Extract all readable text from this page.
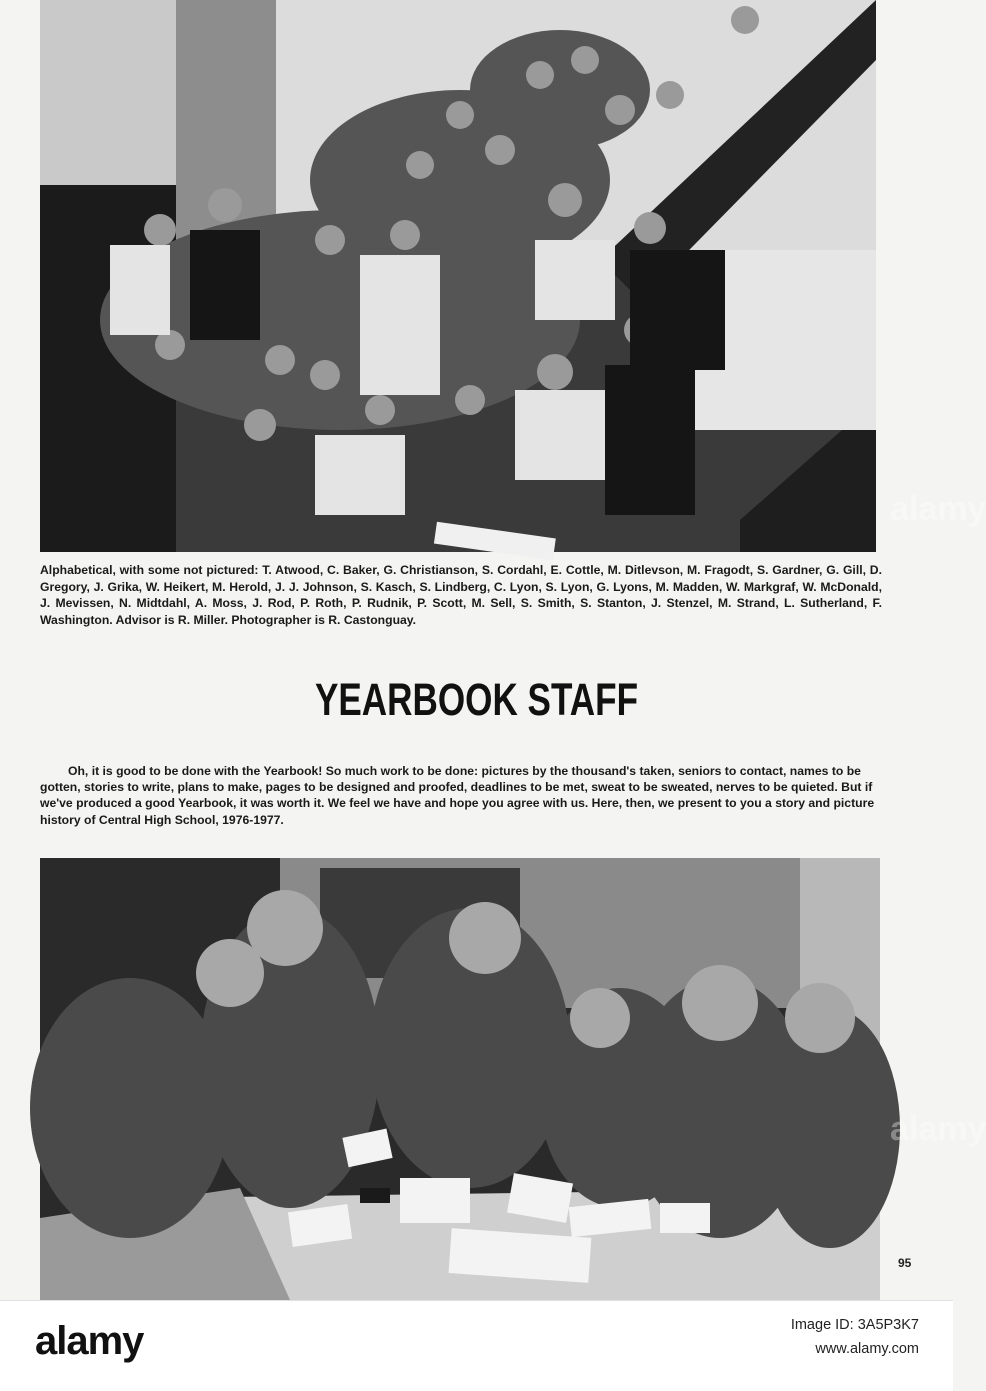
Alphabetical, with some not pictured: T. Atwood, C. Baker, G. Christianson, S. Cordahl, E. Cottle, M. Ditlevson, M. Fragodt, S. Gardner, G. Gill, D. Gregory, J. Grika, W. Heikert, M. Herold, J. J. Johnson, S. Kasch, S. Lindberg, C. Lyon, S. Lyon, G. Lyons, M. Madden, W. Markgraf, W. McDonald, J. Mevissen, N. Midtdahl, A. Moss, J. Rod, P. Roth, P. Rudnik, P. Scott, M. Sell, S. Smith, S. Stanton, J. Stenzel, M. Strand, L. Sutherland, F. Washington. Advisor is R. Miller. Photographer is R. Castonguay.

YEARBOOK STAFF

Oh, it is good to be done with the Yearbook! So much work to be done: pictures by the thousand's taken, seniors to contact, names to be gotten, stories to write, plans to make, pages to be designed and proofed, deadlines to be met, sweat to be sweated, nerves to be quieted. But if we've produced a good Yearbook, it was worth it. We feel we have and hope you agree with us. Here, then, we present to you a story and picture history of Central High School, 1976-1977.

alamy
alamy
95
alamy	Image ID: 3A5P3K7
www.alamy.com
